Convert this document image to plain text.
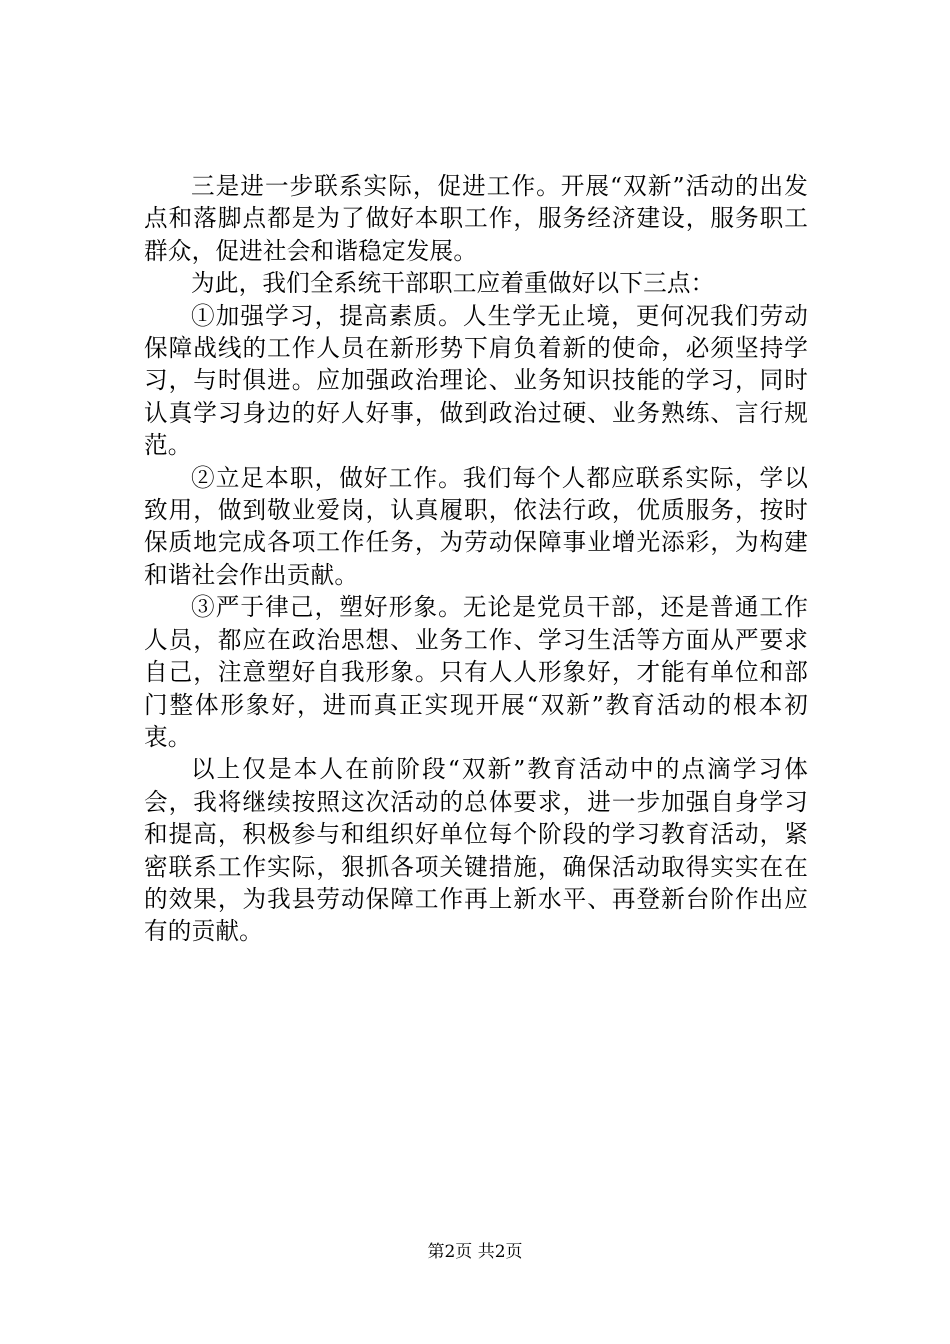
三是进一步联系实际，促进工作。开展“双新”活动的出发点和落脚点都是为了做好本职工作，服务经济建设，服务职工群众，促进社会和谐稳定发展。

为此，我们全系统干部职工应着重做好以下三点：

①加强学习，提高素质。人生学无止境，更何况我们劳动保障战线的工作人员在新形势下肩负着新的使命，必须坚持学习，与时俱进。应加强政治理论、业务知识技能的学习，同时认真学习身边的好人好事，做到政治过硬、业务熟练、言行规范。

②立足本职，做好工作。我们每个人都应联系实际，学以致用，做到敬业爱岗，认真履职，依法行政，优质服务，按时保质地完成各项工作任务，为劳动保障事业增光添彩，为构建和谐社会作出贡献。

③严于律己，塑好形象。无论是党员干部，还是普通工作人员，都应在政治思想、业务工作、学习生活等方面从严要求自己，注意塑好自我形象。只有人人形象好，才能有单位和部门整体形象好，进而真正实现开展“双新”教育活动的根本初衷。

以上仅是本人在前阶段“双新”教育活动中的点滴学习体会，我将继续按照这次活动的总体要求，进一步加强自身学习和提高，积极参与和组织好单位每个阶段的学习教育活动，紧密联系工作实际，狠抓各项关键措施，确保活动取得实实在在的效果，为我县劳动保障工作再上新水平、再登新台阶作出应有的贡献。

第2页 共2页
